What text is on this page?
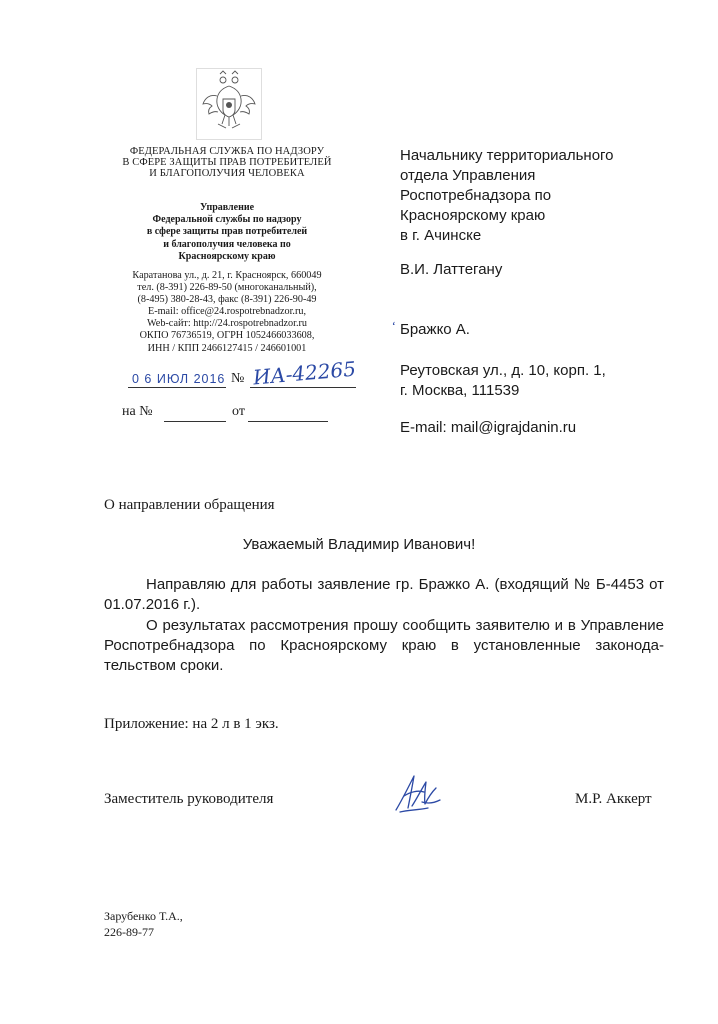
ФЕДЕРАЛЬНАЯ СЛУЖБА ПО НАДЗОРУ
В СФЕРЕ ЗАЩИТЫ ПРАВ ПОТРЕБИТЕЛЕЙ
И БЛАГОПОЛУЧИЯ ЧЕЛОВЕКА
Управление
Федеральной службы по надзору
в сфере защиты прав потребителей
и благополучия человека по
Красноярскому краю
Каратанова ул., д. 21, г. Красноярск, 660049
тел. (8-391) 226-89-50 (многоканальный),
(8-495) 380-28-43, факс (8-391) 226-90-49
E-mail: office@24.rospotrebnadzor.ru,
Web-сайт: http://24.rospotrebnadzor.ru
ОКПО 76736519, ОГРН 1052466033608,
ИНН / КПП 2466127415 / 246601001
0 6 ИЮЛ 2016 № ИА-42265
на №	от
Начальнику территориального
отдела Управления
Роспотребнадзора по
Красноярскому краю
в г. Ачинске
В.И. Латтегану
ʻ Бражко А.
Реутовская ул., д. 10, корп. 1,
г. Москва, 111539
E-mail: mail@igrajdanin.ru
О направлении обращения
Уважаемый Владимир Иванович!
Направляю для работы заявление гр. Бражко А. (входящий № Б-4453 от 01.07.2016 г.).
О результатах рассмотрения прошу сообщить заявителю и в Управление Роспотребнадзора по Красноярскому краю в установленные законодательством сроки.
Приложение: на 2 л в 1 экз.
Заместитель руководителя	М.Р. Аккерт
Зарубенко Т.А.,
226-89-77
